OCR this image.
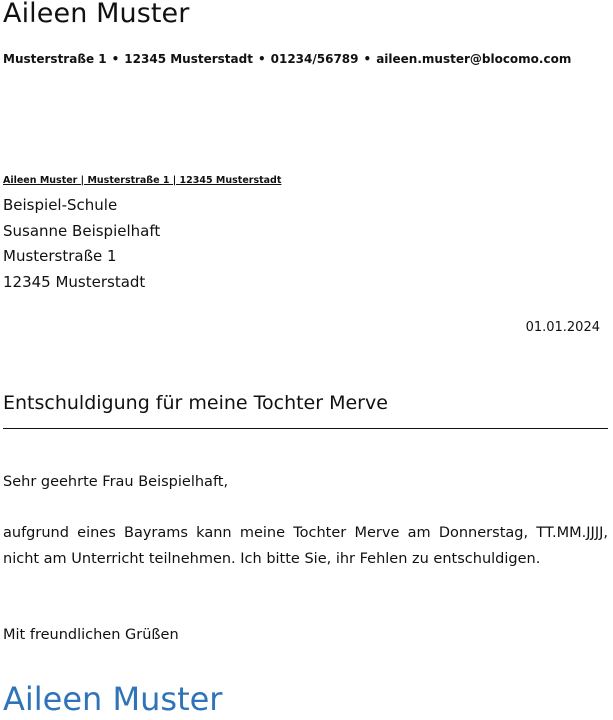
Aileen Muster
Musterstraße 1 • 12345 Musterstadt • 01234/56789 • aileen.muster@blocomo.com
Aileen Muster | Musterstraße 1 | 12345 Musterstadt
Beispiel-Schule
Susanne Beispielhaft
Musterstraße 1
12345 Musterstadt
01.01.2024
Entschuldigung für meine Tochter Merve
Sehr geehrte Frau Beispielhaft,
aufgrund eines Bayrams kann meine Tochter Merve am Donnerstag, TT.MM.JJJJ, nicht am Unterricht teilnehmen. Ich bitte Sie, ihr Fehlen zu entschuldigen.
Mit freundlichen Grüßen
Aileen Muster
